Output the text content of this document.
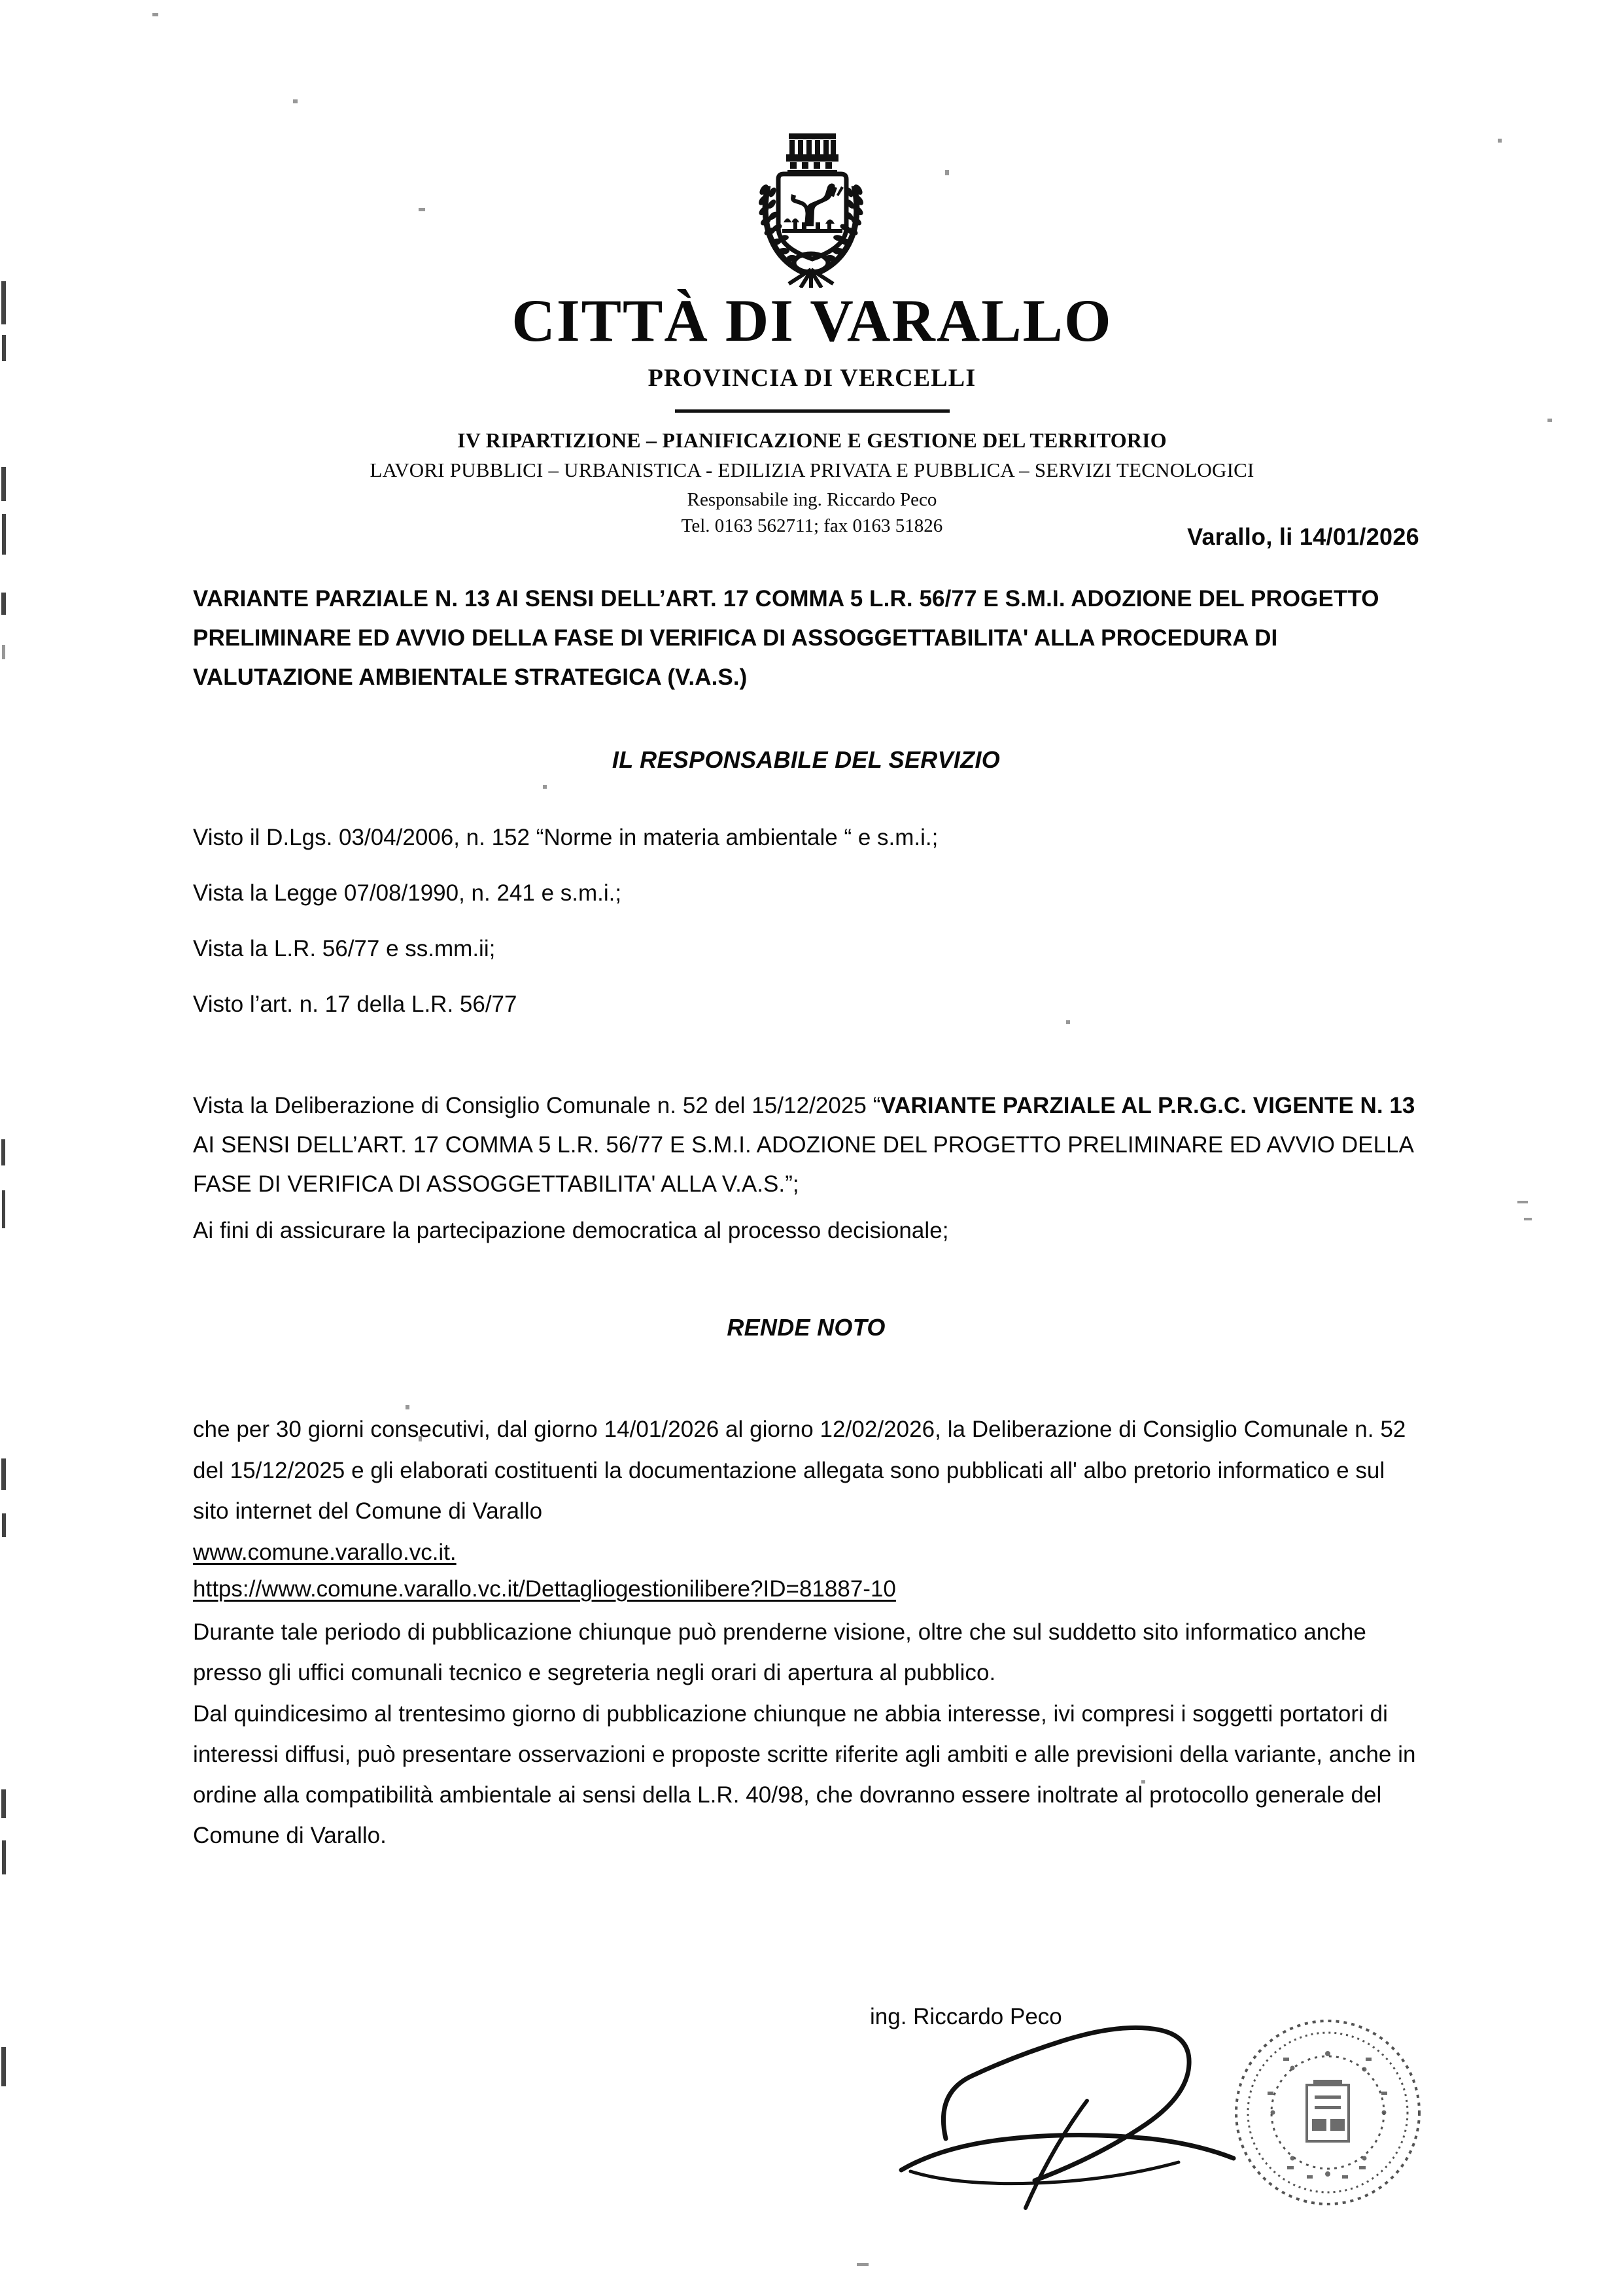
CITTÀ DI VARALLO
PROVINCIA DI VERCELLI
IV RIPARTIZIONE – PIANIFICAZIONE E GESTIONE DEL TERRITORIO
LAVORI PUBBLICI – URBANISTICA - EDILIZIA PRIVATA E PUBBLICA – SERVIZI TECNOLOGICI
Responsabile ing. Riccardo Peco
Tel. 0163 562711; fax 0163 51826	Varallo, li 14/01/2026
VARIANTE PARZIALE N. 13 AI SENSI DELL’ART. 17 COMMA 5 L.R. 56/77 E S.M.I. ADOZIONE DEL PROGETTO PRELIMINARE ED AVVIO DELLA FASE DI VERIFICA DI ASSOGGETTABILITA' ALLA PROCEDURA DI VALUTAZIONE AMBIENTALE STRATEGICA (V.A.S.)
IL RESPONSABILE DEL SERVIZIO
Visto il D.Lgs. 03/04/2006, n. 152 “Norme in materia ambientale “ e s.m.i.;
Vista la Legge 07/08/1990, n. 241 e s.m.i.;
Vista la L.R. 56/77 e ss.mm.ii;
Visto l’art. n. 17 della L.R. 56/77
Vista la Deliberazione di Consiglio Comunale n. 52 del 15/12/2025 “VARIANTE PARZIALE AL P.R.G.C. VIGENTE N. 13 AI SENSI DELL’ART. 17 COMMA 5 L.R. 56/77 E S.M.I. ADOZIONE DEL PROGETTO PRELIMINARE ED AVVIO DELLA FASE DI VERIFICA DI ASSOGGETTABILITA' ALLA V.A.S.”;
Ai fini di assicurare la partecipazione democratica al processo decisionale;
RENDE NOTO
che per 30 giorni consecutivi, dal giorno 14/01/2026 al giorno 12/02/2026, la Deliberazione di Consiglio Comunale n. 52 del 15/12/2025 e gli elaborati costituenti la documentazione allegata sono pubblicati all' albo pretorio informatico e sul sito internet del Comune di Varallo
www.comune.varallo.vc.it.
https://www.comune.varallo.vc.it/Dettagliogestionilibere?ID=81887-10
Durante tale periodo di pubblicazione chiunque può prenderne visione, oltre che sul suddetto sito informatico anche presso gli uffici comunali tecnico e segreteria negli orari di apertura al pubblico.
Dal quindicesimo al trentesimo giorno di pubblicazione chiunque ne abbia interesse, ivi compresi i soggetti portatori di interessi diffusi, può presentare osservazioni e proposte scritte riferite agli ambiti e alle previsioni della variante, anche in ordine alla compatibilità ambientale ai sensi della L.R. 40/98, che dovranno essere inoltrate al protocollo generale del Comune di Varallo.
ing. Riccardo Peco
